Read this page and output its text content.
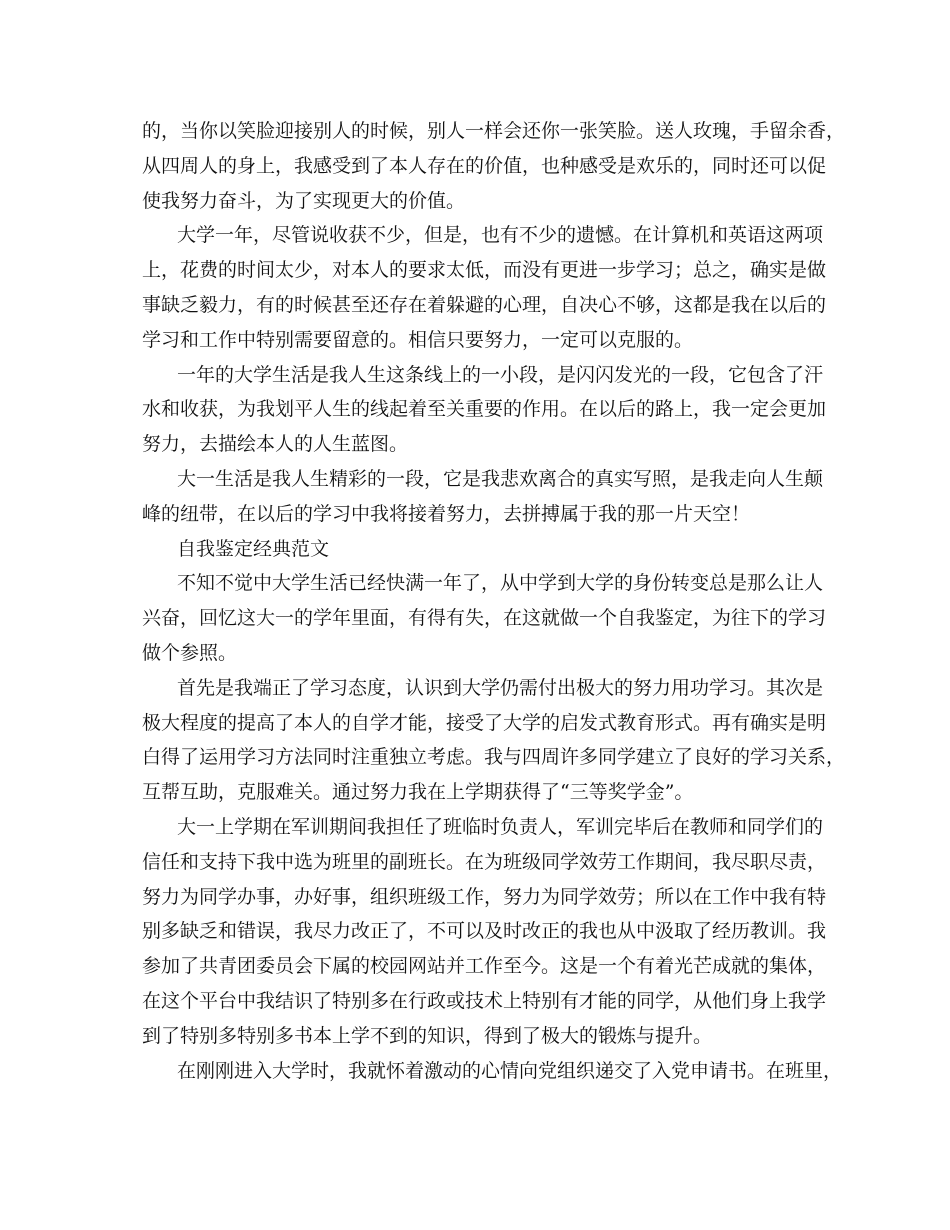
的，当你以笑脸迎接别人的时候，别人一样会还你一张笑脸。送人玫瑰，手留余香，

从四周人的身上，我感受到了本人存在的价值，也种感受是欢乐的，同时还可以促

使我努力奋斗，为了实现更大的价值。

大学一年，尽管说收获不少，但是，也有不少的遗憾。在计算机和英语这两项

上，花费的时间太少，对本人的要求太低，而没有更进一步学习；总之，确实是做

事缺乏毅力，有的时候甚至还存在着躲避的心理，自决心不够，这都是我在以后的

学习和工作中特别需要留意的。相信只要努力，一定可以克服的。

一年的大学生活是我人生这条线上的一小段，是闪闪发光的一段，它包含了汗

水和收获，为我划平人生的线起着至关重要的作用。在以后的路上，我一定会更加

努力，去描绘本人的人生蓝图。

大一生活是我人生精彩的一段，它是我悲欢离合的真实写照，是我走向人生颠

峰的纽带，在以后的学习中我将接着努力，去拼搏属于我的那一片天空！

自我鉴定经典范文

不知不觉中大学生活已经快满一年了，从中学到大学的身份转变总是那么让人

兴奋，回忆这大一的学年里面，有得有失，在这就做一个自我鉴定，为往下的学习

做个参照。

首先是我端正了学习态度，认识到大学仍需付出极大的努力用功学习。其次是

极大程度的提高了本人的自学才能，接受了大学的启发式教育形式。再有确实是明

白得了运用学习方法同时注重独立考虑。我与四周许多同学建立了良好的学习关系，

互帮互助，克服难关。通过努力我在上学期获得了“三等奖学金”。

大一上学期在军训期间我担任了班临时负责人，军训完毕后在教师和同学们的

信任和支持下我中选为班里的副班长。在为班级同学效劳工作期间，我尽职尽责，

努力为同学办事，办好事，组织班级工作，努力为同学效劳；所以在工作中我有特

别多缺乏和错误，我尽力改正了，不可以及时改正的我也从中汲取了经历教训。我

参加了共青团委员会下属的校园网站并工作至今。这是一个有着光芒成就的集体，

在这个平台中我结识了特别多在行政或技术上特别有才能的同学，从他们身上我学

到了特别多特别多书本上学不到的知识，得到了极大的锻炼与提升。

在刚刚进入大学时，我就怀着激动的心情向党组织递交了入党申请书。在班里，
